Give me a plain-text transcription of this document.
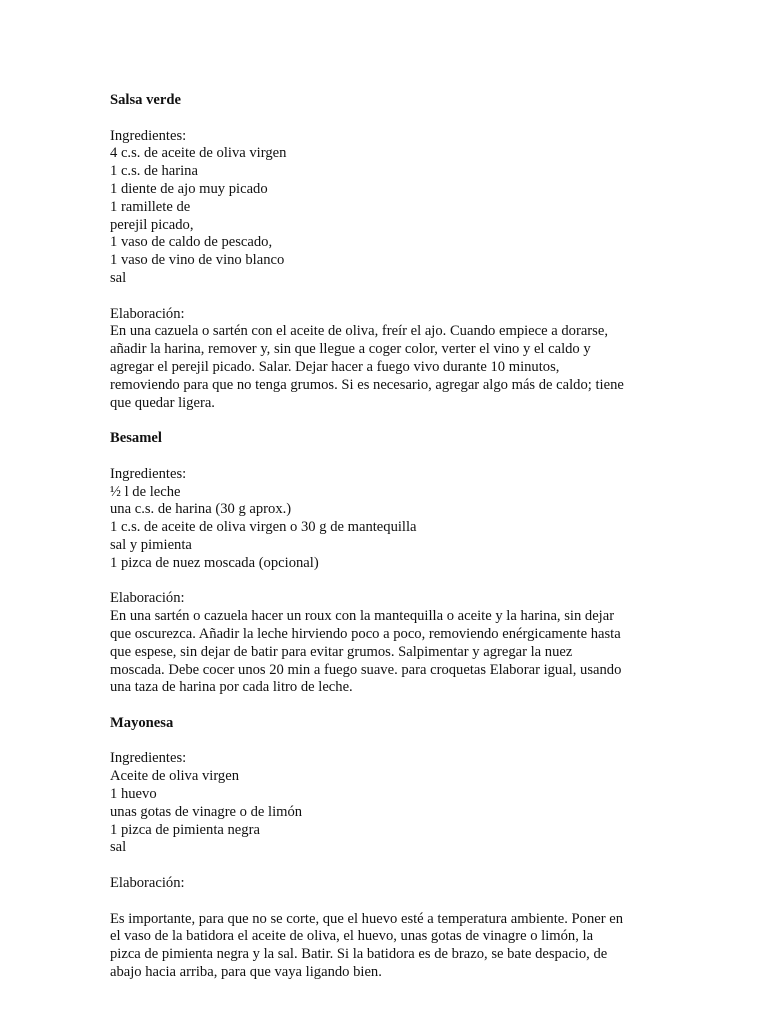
Salsa verde

Ingredientes:

4 c.s. de aceite de oliva virgen

1 c.s. de harina

1 diente de ajo muy picado

1 ramillete de

perejil picado,

1 vaso de caldo de pescado,

1 vaso de vino de vino blanco

sal

Elaboración:

En una cazuela o sartén con el aceite de oliva, freír el ajo. Cuando empiece a dorarse,

añadir la harina, remover y, sin que llegue a coger color, verter el vino y el caldo y

agregar el perejil picado. Salar. Dejar hacer a fuego vivo durante 10 minutos,

removiendo para que no tenga grumos. Si es necesario, agregar algo más de caldo; tiene

que quedar ligera.

Besamel

Ingredientes:

½ l de leche

una c.s. de harina (30 g aprox.)

1 c.s. de aceite de oliva virgen o 30 g de mantequilla

sal y pimienta

1 pizca de nuez moscada (opcional)

Elaboración:

En una sartén o cazuela hacer un roux con la mantequilla o aceite y la harina, sin dejar

que oscurezca. Añadir la leche hirviendo poco a poco, removiendo enérgicamente hasta

que espese, sin dejar de batir para evitar grumos. Salpimentar y agregar la nuez

moscada. Debe cocer unos 20 min a fuego suave. para croquetas Elaborar igual, usando

una taza de harina por cada litro de leche.

Mayonesa

Ingredientes:

Aceite de oliva virgen

1 huevo

unas gotas de vinagre o de limón

1 pizca de pimienta negra

sal

Elaboración:

Es importante, para que no se corte, que el huevo esté a temperatura ambiente. Poner en

el vaso de la batidora el aceite de oliva, el huevo, unas gotas de vinagre o limón, la

pizca de pimienta negra y la sal. Batir. Si la batidora es de brazo, se bate despacio, de

abajo hacia arriba, para que vaya ligando bien.
